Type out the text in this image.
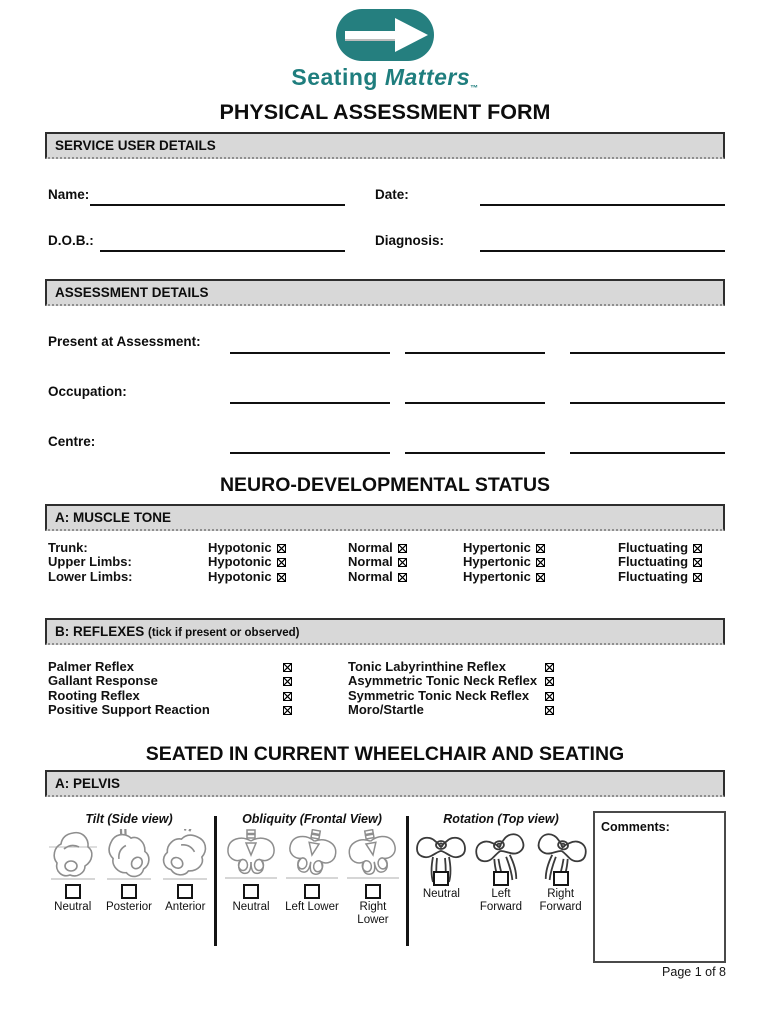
Seating Matters$_™$
PHYSICAL ASSESSMENT FORM
SERVICE USER DETAILS
Name:	Date:
D.O.B.:	Diagnosis:
ASSESSMENT DETAILS
Present at Assessment:
Occupation:
Centre:
NEURO-DEVELOPMENTAL STATUS
A: MUSCLE TONE
Trunk:	Hypotonic	Normal	Hypertonic	Fluctuating
Upper Limbs:	Hypotonic	Normal	Hypertonic	Fluctuating
Lower Limbs:	Hypotonic	Normal	Hypertonic	Fluctuating
B: REFLEXES (tick if present or observed)
Palmer Reflex	Tonic Labyrinthine Reflex
Gallant Response	Asymmetric Tonic Neck Reflex
Rooting Reflex	Symmetric Tonic Neck Reflex
Positive Support Reaction	Moro/Startle
SEATED IN CURRENT WHEELCHAIR AND SEATING
A: PELVIS
Tilt (Side view)
Neutral Posterior Anterior
Obliquity (Frontal View)
Neutral Left Lower	Right Lower
Rotation (Top view)
Neutral	Left Forward
Right Forward
Comments:
Page 1 of 8
